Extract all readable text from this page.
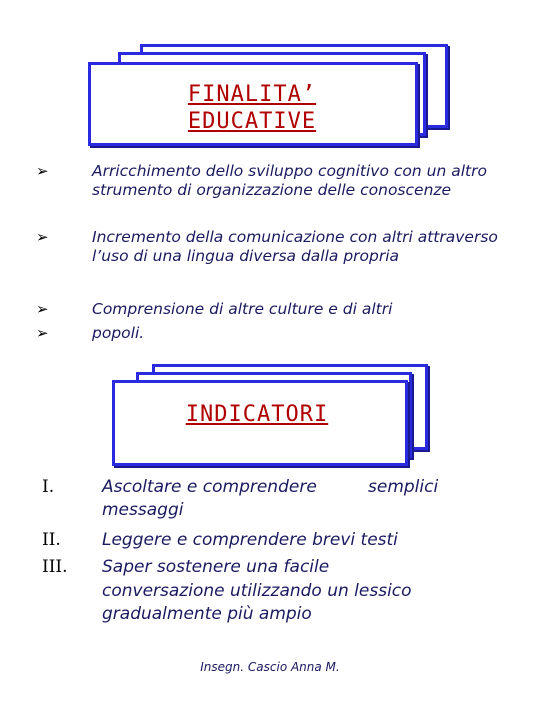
FINALITA’
EDUCATIVE
➢
➢
➢
➢
Arricchimento dello sviluppo cognitivo con un altro strumento di organizzazione delle conoscenze
Incremento della comunicazione con altri attraverso l’uso di una lingua diversa dalla propria
Comprensione di altre culture e di altri
popoli.
INDICATORI
I.	Ascoltare e comprendere	semplici
messaggi
II. Leggere e comprendere brevi testi
III. Saper sostenere una facile
conversazione utilizzando un lessico
gradualmente più ampio
Insegn. Cascio Anna M.
